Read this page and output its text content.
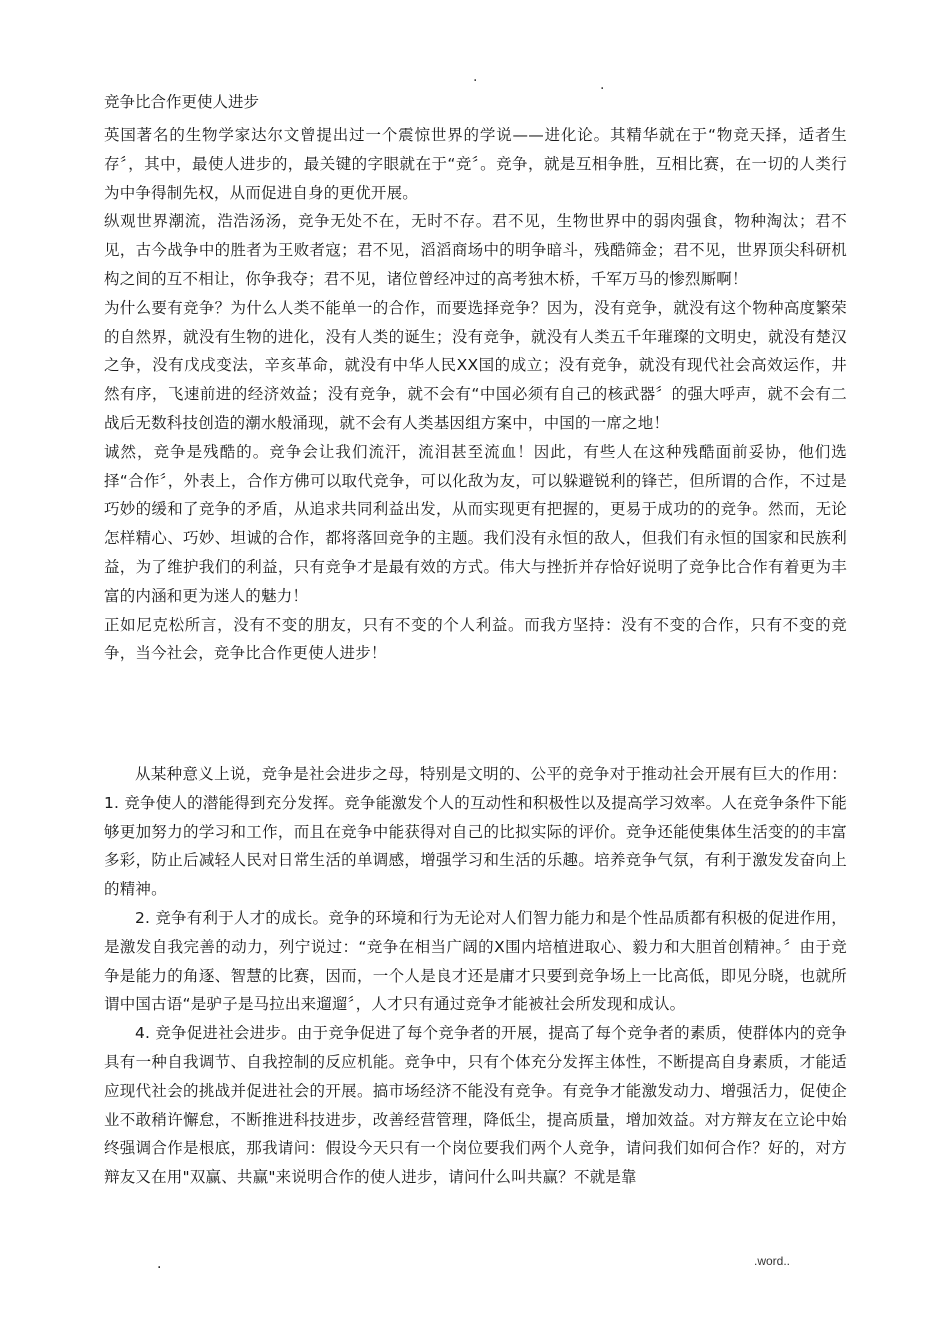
.	.
竞争比合作更使人进步

英国著名的生物学家达尔文曾提出过一个震惊世界的学说——进化论。其精华就在于“物竞天择，适者生存〞，其中，最使人进步的，最关键的字眼就在于“竞〞。竞争，就是互相争胜，互相比赛，在一切的人类行为中争得制先权，从而促进自身的更优开展。

纵观世界潮流，浩浩汤汤，竞争无处不在，无时不存。君不见，生物世界中的弱肉强食，物种淘汰；君不见，古今战争中的胜者为王败者寇；君不见，滔滔商场中的明争暗斗，残酷筛金；君不见，世界顶尖科研机构之间的互不相让，你争我夺；君不见，诸位曾经冲过的高考独木桥，千军万马的惨烈厮啊！

为什么要有竞争？为什么人类不能单一的合作，而要选择竞争？因为，没有竞争，就没有这个物种高度繁荣的自然界，就没有生物的进化，没有人类的诞生；没有竞争，就没有人类五千年璀璨的文明史，就没有楚汉之争，没有戊戌变法，辛亥革命，就没有中华人民XX国的成立；没有竞争，就没有现代社会高效运作，井然有序，飞速前进的经济效益；没有竞争，就不会有“中国必须有自己的核武器〞的强大呼声，就不会有二战后无数科技创造的潮水般涌现，就不会有人类基因组方案中，中国的一席之地！

诚然，竞争是残酷的。竞争会让我们流汗，流泪甚至流血！因此，有些人在这种残酷面前妥协，他们选择“合作〞，外表上，合作方佛可以取代竞争，可以化敌为友，可以躲避锐利的锋芒，但所谓的合作，不过是巧妙的缓和了竞争的矛盾，从追求共同利益出发，从而实现更有把握的，更易于成功的的竞争。然而，无论怎样精心、巧妙、坦诚的合作，都将落回竞争的主题。我们没有永恒的敌人，但我们有永恒的国家和民族利益，为了维护我们的利益，只有竞争才是最有效的方式。伟大与挫折并存恰好说明了竞争比合作有着更为丰富的内涵和更为迷人的魅力！

正如尼克松所言，没有不变的朋友，只有不变的个人利益。而我方坚持：没有不变的合作，只有不变的竞争，当今社会，竞争比合作更使人进步！

从某种意义上说，竞争是社会进步之母，特别是文明的、公平的竞争对于推动社会开展有巨大的作用：1. 竞争使人的潜能得到充分发挥。竞争能激发个人的互动性和积极性以及提高学习效率。人在竞争条件下能够更加努力的学习和工作，而且在竞争中能获得对自己的比拟实际的评价。竞争还能使集体生活变的的丰富多彩，防止后减轻人民对日常生活的单调感，增强学习和生活的乐趣。培养竞争气氛，有利于激发发奋向上的精神。

2. 竞争有利于人才的成长。竞争的环境和行为无论对人们智力能力和是个性品质都有积极的促进作用，是激发自我完善的动力，列宁说过：“竞争在相当广阔的X围内培植进取心、毅力和大胆首创精神。〞由于竞争是能力的角逐、智慧的比赛，因而，一个人是良才还是庸才只要到竞争场上一比高低，即见分晓，也就所谓中国古语“是驴子是马拉出来遛遛〞，人才只有通过竞争才能被社会所发现和成认。

4. 竞争促进社会进步。由于竞争促进了每个竞争者的开展，提高了每个竞争者的素质，使群体内的竞争具有一种自我调节、自我控制的反应机能。竞争中，只有个体充分发挥主体性，不断提高自身素质，才能适应现代社会的挑战并促进社会的开展。搞市场经济不能没有竞争。有竞争才能激发动力、增强活力，促使企业不敢稍许懈怠，不断推进科技进步，改善经营管理，降低尘，提高质量，增加效益。对方辩友在立论中始终强调合作是根底，那我请问：假设今天只有一个岗位要我们两个人竞争，请问我们如何合作？好的，对方辩友又在用"双赢、共赢"来说明合作的使人进步，请问什么叫共赢？不就是靠

.	.word..
